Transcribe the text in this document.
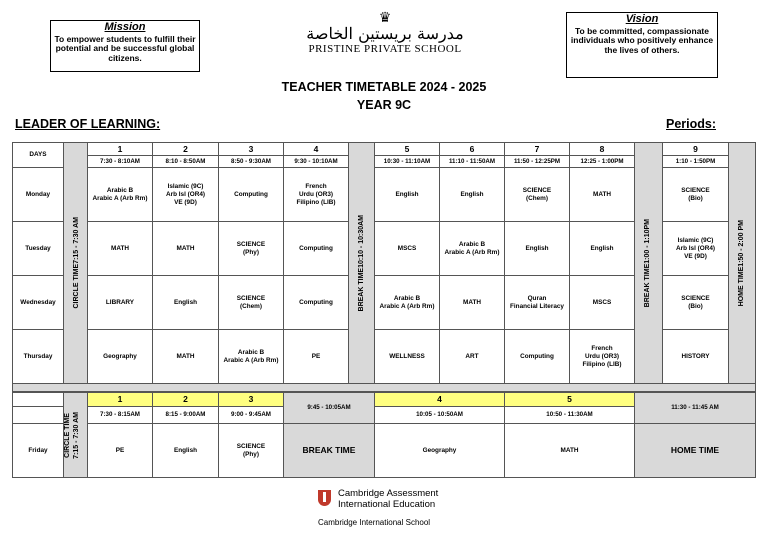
Mission
To empower students to fulfill their potential and be successful global citizens.
♛
مدرسة بريستين الخاصة
PRISTINE PRIVATE SCHOOL
Vision
To be committed, compassionate individuals who positively enhance the lives of others.
TEACHER TIMETABLE 2024 - 2025
YEAR 9C
LEADER OF LEARNING:	Periods:
DAYS	CIRCLE TIME7:15 - 7:30 AM	1	2	3	4	BREAK TIME10:10 - 10:30AM	5	6	7	8	BREAK TIME1:00 - 1:10PM	9	HOME TIME1:50 - 2:00 PM

		7:30 - 8:10AM	8:10 - 8:50AM	8:50 - 9:30AM	9:30 - 10:10AM		10:30 - 11:10AM	11:10 - 11:50AM	11:50 - 12:25PM	12:25 - 1:00PM		1:10 - 1:50PM	
Monday		Arabic B
Arabic A (Arb Rm)	Islamic (9C)
Arb Isl (OR4)
VE (9D)	Computing	French
Urdu (OR3)
Filipino (LIB)		English	English	SCIENCE
(Chem)	MATH		SCIENCE
(Bio)	
Tuesday		MATH	MATH	SCIENCE
(Phy)	Computing		MSCS	Arabic B
Arabic A (Arb Rm)	English	English		Islamic (9C)
Arb Isl (OR4)
VE (9D)	
Wednesday		LIBRARY	English	SCIENCE
(Chem)	Computing		Arabic B
Arabic A (Arb Rm)	MATH	Quran
Financial Literacy	MSCS		SCIENCE
(Bio)	
Thursday		Geography	MATH	Arabic B
Arabic A (Arb Rm)	PE		WELLNESS	ART	Computing	French
Urdu (OR3)
Filipino (LIB)		HISTORY	

	CIRCLE TIME 7:15 - 7:30 AM	1	2	3	9:45 - 10:05AM	4	5	11:30 - 11:45 AM
		7:30 - 8:15AM	8:15 - 9:00AM	9:00 - 9:45AM		10:05 - 10:50AM	10:50 - 11:30AM	
Friday		PE	English	SCIENCE
(Phy)	BREAK TIME	Geography	MATH	HOME TIME
Cambridge Assessment
International Education
Cambridge International School
